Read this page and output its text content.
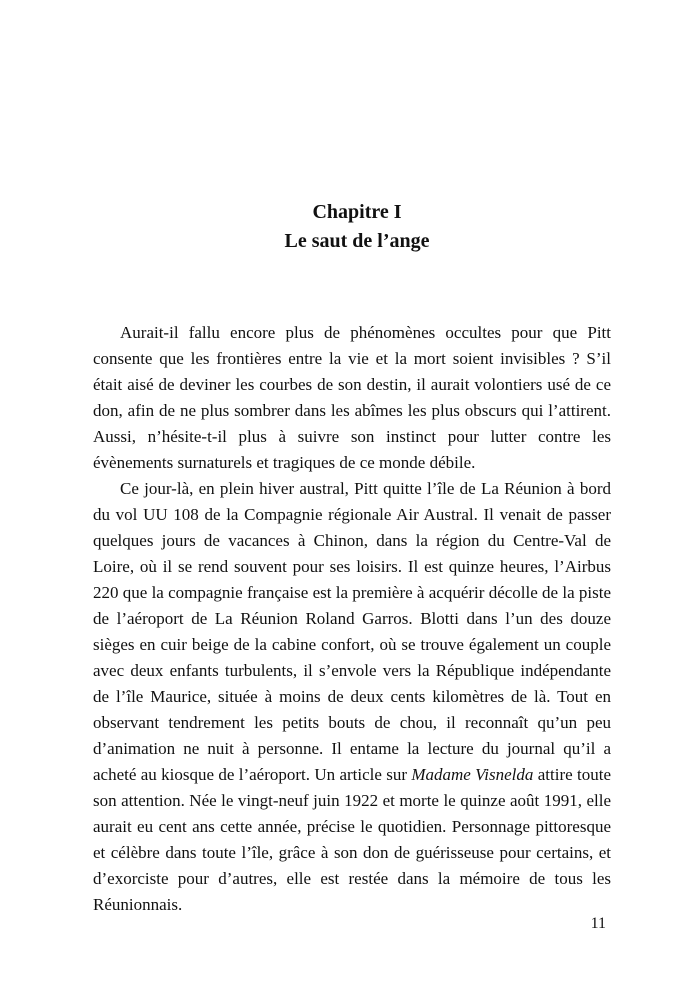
Chapitre I
Le saut de l’ange

Aurait-il fallu encore plus de phénomènes occultes pour que Pitt consente que les frontières entre la vie et la mort soient invisibles ? S’il était aisé de deviner les courbes de son destin, il aurait volontiers usé de ce don, afin de ne plus sombrer dans les abîmes les plus obscurs qui l’attirent. Aussi, n’hésite-t-il plus à suivre son instinct pour lutter contre les évènements surnaturels et tragiques de ce monde débile.

Ce jour-là, en plein hiver austral, Pitt quitte l’île de La Réunion à bord du vol UU 108 de la Compagnie régionale Air Austral. Il venait de passer quelques jours de vacances à Chinon, dans la région du Centre-Val de Loire, où il se rend souvent pour ses loisirs. Il est quinze heures, l’Airbus 220 que la compagnie française est la première à acquérir décolle de la piste de l’aéroport de La Réunion Roland Garros. Blotti dans l’un des douze sièges en cuir beige de la cabine confort, où se trouve également un couple avec deux enfants turbulents, il s’envole vers la République indépendante de l’île Maurice, située à moins de deux cents kilomètres de là. Tout en observant tendrement les petits bouts de chou, il reconnaît qu’un peu d’animation ne nuit à personne. Il entame la lecture du journal qu’il a acheté au kiosque de l’aéroport. Un article sur Madame Visnelda attire toute son attention. Née le vingt-neuf juin 1922 et morte le quinze août 1991, elle aurait eu cent ans cette année, précise le quotidien. Personnage pittoresque et célèbre dans toute l’île, grâce à son don de guérisseuse pour certains, et d’exorciste pour d’autres, elle est restée dans la mémoire de tous les Réunionnais.

11
